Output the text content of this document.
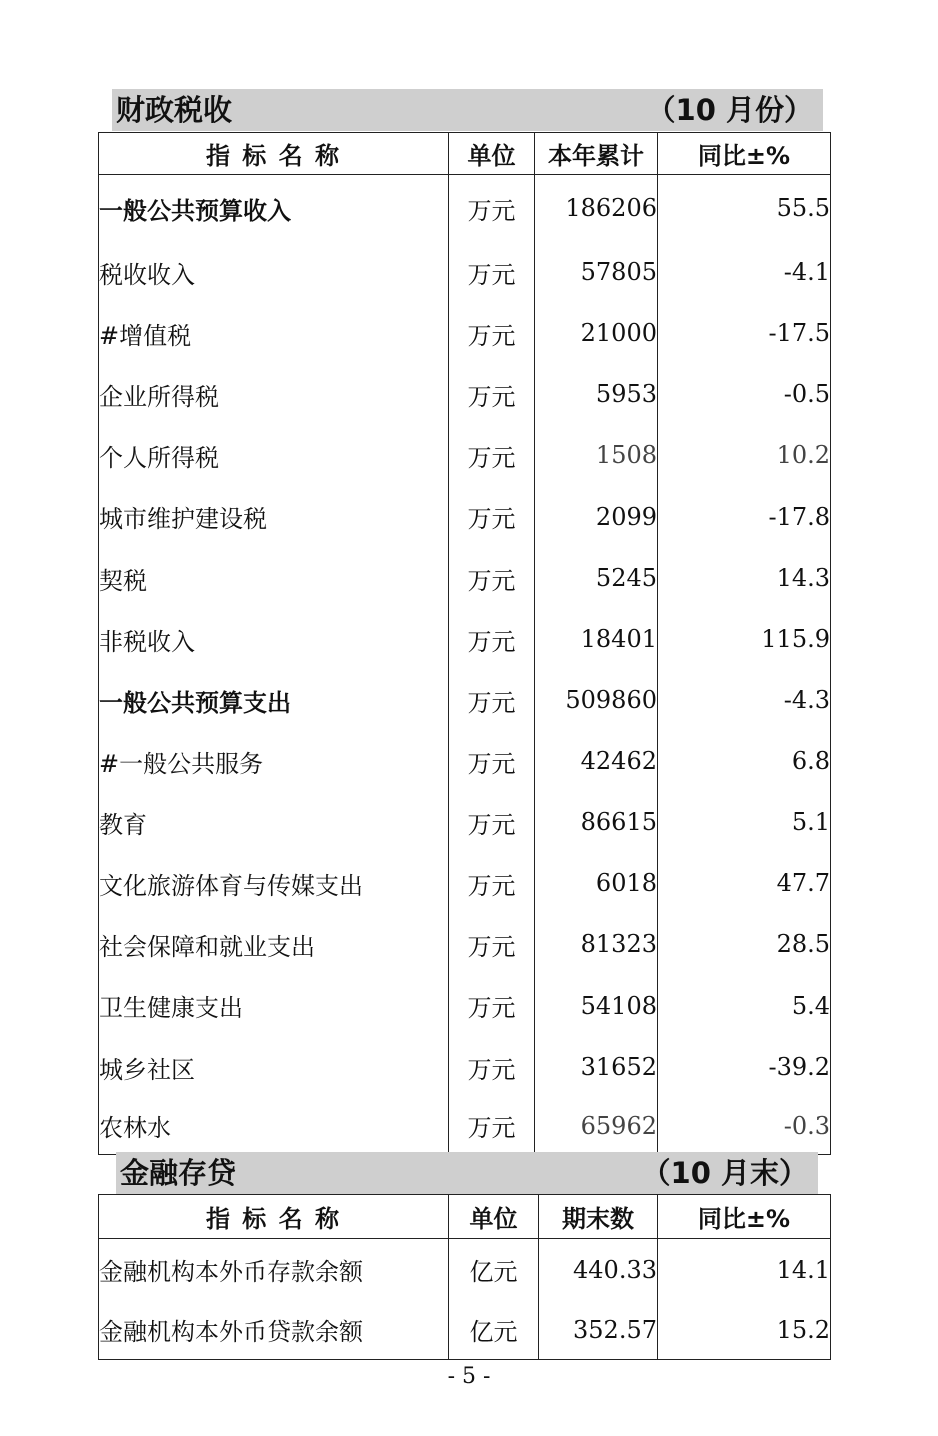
财政税收	（10 月份）
指 标 名 称	单位	本年累计	同比±%
一般公共预算收入	万元	186206	55.5
税收收入	万元	57805	-4.1
#增值税	万元	21000	-17.5
企业所得税	万元	5953	-0.5
个人所得税	万元	1508	10.2
城市维护建设税	万元	2099	-17.8
契税	万元	5245	14.3
非税收入	万元	18401	115.9
一般公共预算支出	万元	509860	-4.3
#一般公共服务	万元	42462	6.8
教育	万元	86615	5.1
文化旅游体育与传媒支出	万元	6018	47.7
社会保障和就业支出	万元	81323	28.5
卫生健康支出	万元	54108	5.4
城乡社区	万元	31652	-39.2
农林水	万元	65962	-0.3
金融存贷	（10 月末）
指 标 名 称	单位	期末数	同比±%
金融机构本外币存款余额	亿元	440.33	14.1
金融机构本外币贷款余额	亿元	352.57	15.2
- 5 -
